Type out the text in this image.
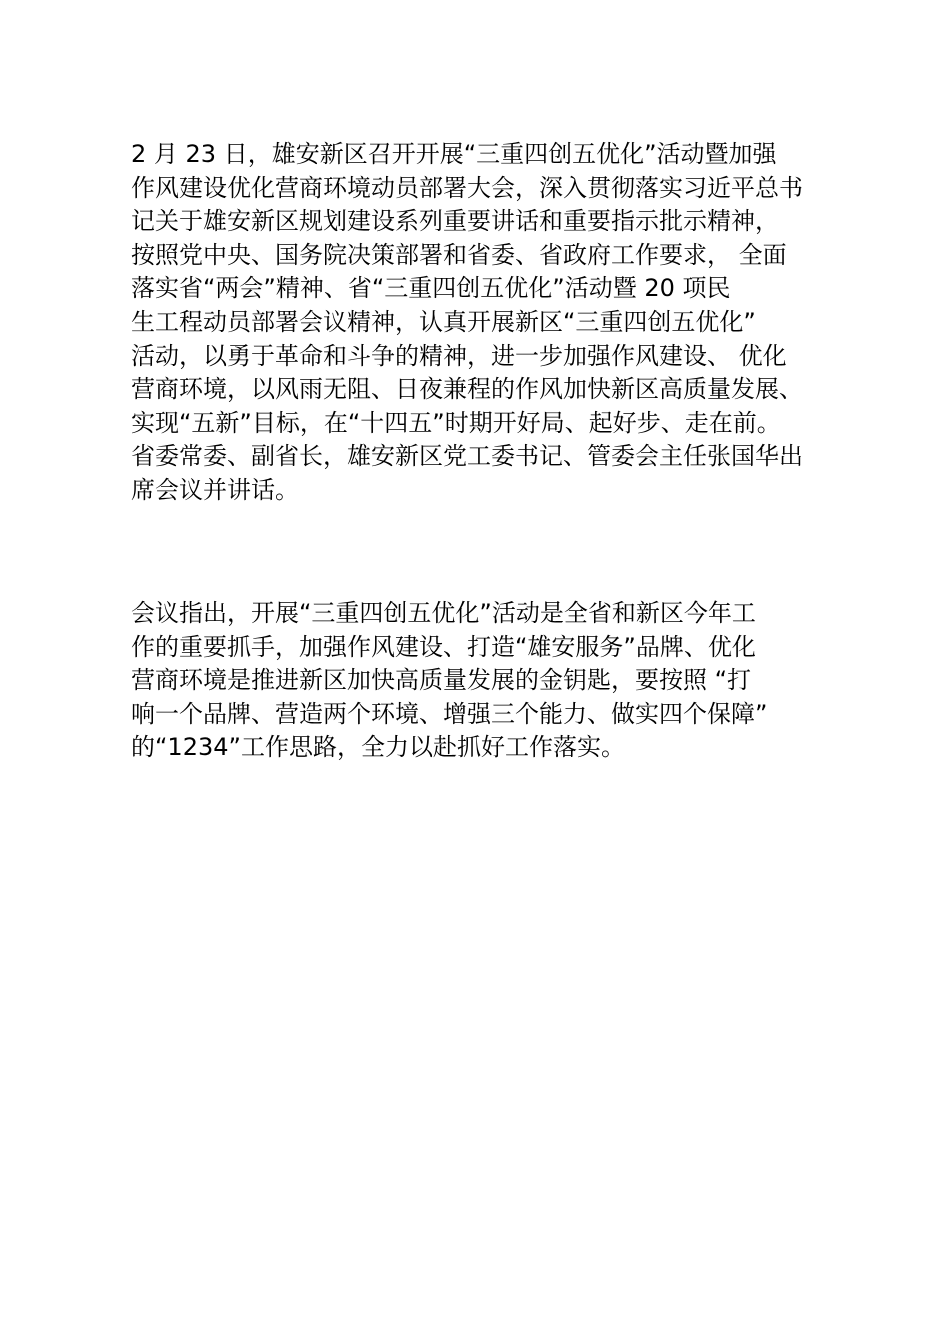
2 月 23 日，雄安新区召开开展“三重四创五优化”活动暨加强
作风建设优化营商环境动员部署大会，深入贯彻落实习近平总书
记关于雄安新区规划建设系列重要讲话和重要指示批示精神，
按照党中央、国务院决策部署和省委、省政府工作要求， 全面
落实省“两会”精神、省“三重四创五优化”活动暨 20 项民
生工程动员部署会议精神，认真开展新区“三重四创五优化”
活动，以勇于革命和斗争的精神，进一步加强作风建设、 优化
营商环境，以风雨无阻、日夜兼程的作风加快新区高质量发展、
实现“五新”目标，在“十四五”时期开好局、起好步、走在前。
省委常委、副省长，雄安新区党工委书记、管委会主任张国华出
席会议并讲话。

会议指出，开展“三重四创五优化”活动是全省和新区今年工
作的重要抓手，加强作风建设、打造“雄安服务”品牌、优化
营商环境是推进新区加快高质量发展的金钥匙，要按照 “打
响一个品牌、营造两个环境、增强三个能力、做实四个保障”
的“1234”工作思路，全力以赴抓好工作落实。
